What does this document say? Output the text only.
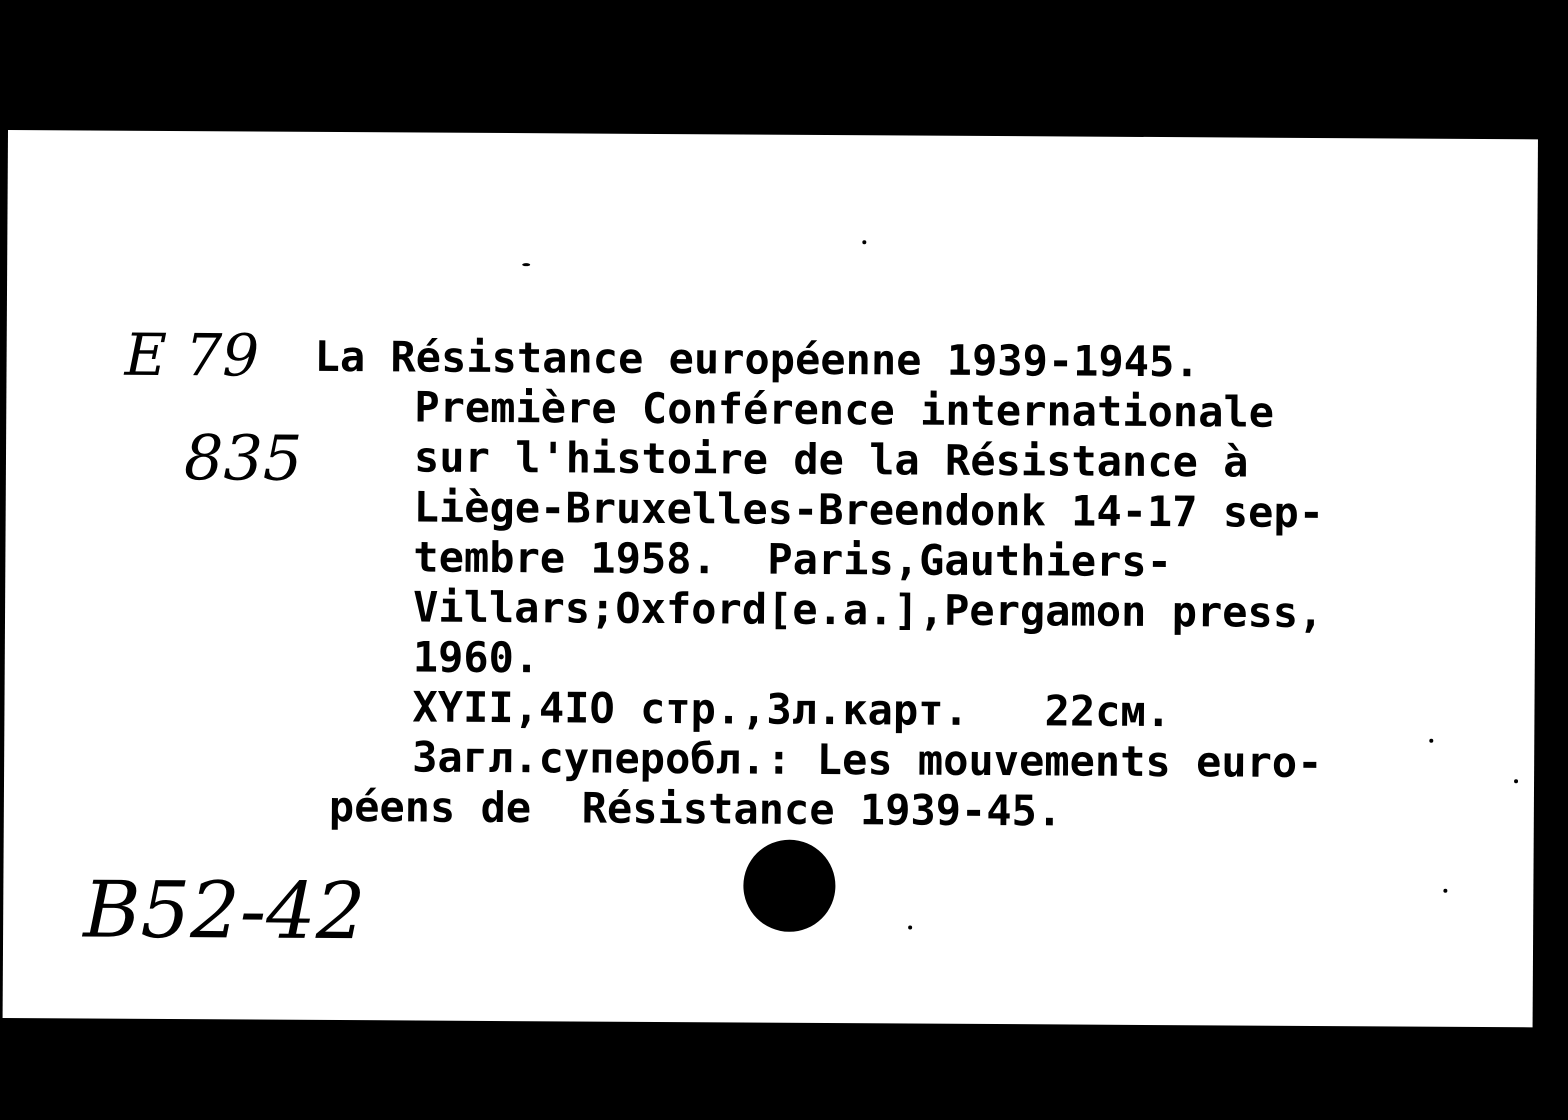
E 79
835
La Résistance européenne 1939-1945.
Première Conférence internationale
sur l'histoire de la Résistance à
Liège-Bruxelles-Breendonk 14-17 sep-
tembre 1958.  Paris,Gauthiers-
Villars;Oxford[e.a.],Pergamon press,
1960.
XYII,4IO стр.,3л.карт.   22см.
Загл.суперобл.: Les mouvements euro-
péens de  Résistance 1939-45.
B52-42
